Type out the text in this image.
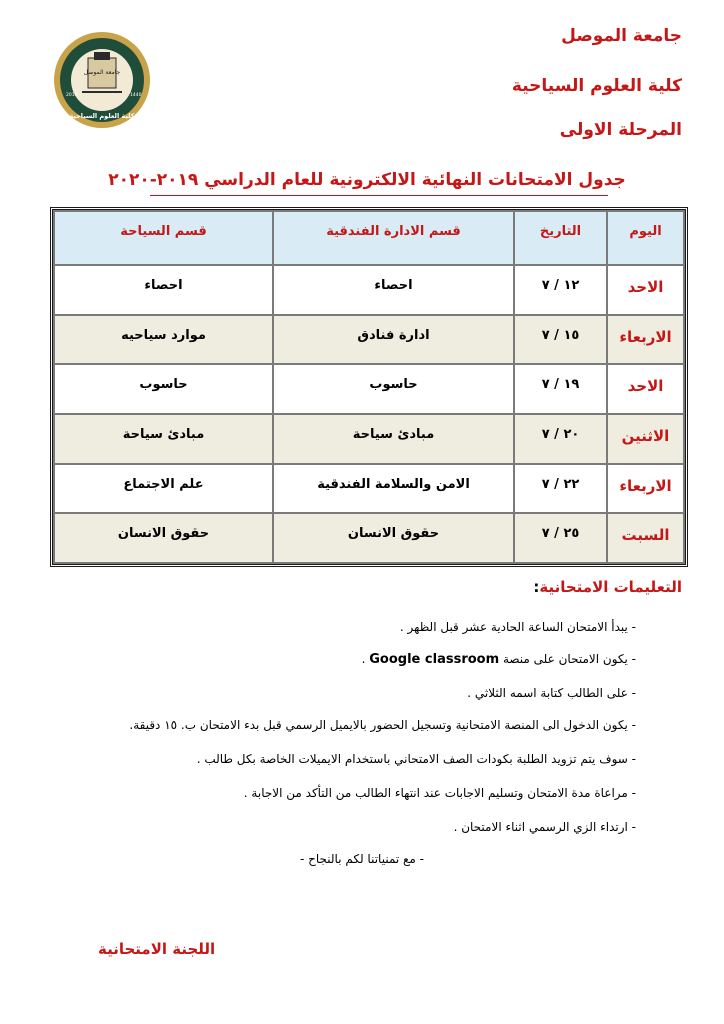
جامعة الموصل
كلية العلوم السياحية
المرحلة الاولى
جامعة الموصل
كلية العلوم السياحية
2019	1440
جدول الامتحانات النهائية الالكترونية للعام الدراسي ٢٠١٩-٢٠٢٠
اليوم	التاريخ	قسم الادارة الفندقية	قسم السياحة
الاحد	١٢ / ٧	احصاء	احصاء
الاربعاء	١٥ / ٧	ادارة فنادق	موارد سياحيه
الاحد	١٩ / ٧	حاسوب	حاسوب
الاثنين	٢٠ / ٧	مبادئ سياحة	مبادئ سياحة
الاربعاء	٢٢ / ٧	الامن والسلامة الفندقية	علم الاجتماع
السبت	٢٥ / ٧	حقوق الانسان	حقوق الانسان
التعليمات الامتحانية:
- يبدأ الامتحان الساعة الحادية عشر قبل الظهر .
- يكون الامتحان على منصة Google classroom .
- على الطالب كتابة اسمه الثلاثي .
- يكون الدخول الى المنصة الامتحانية وتسجيل الحضور بالايميل الرسمي قبل بدء الامتحان ب. ١٥ دقيقة.
- سوف يتم تزويد الطلبة بكودات الصف الامتحاني باستخدام الايميلات الخاصة بكل طالب .
- مراعاة مدة الامتحان وتسليم الاجابات عند انتهاء الطالب من التأكد من الاجابة .
- ارتداء الزي الرسمي اثناء الامتحان .
- مع تمنياتنا لكم بالنجاح -
اللجنة الامتحانية
